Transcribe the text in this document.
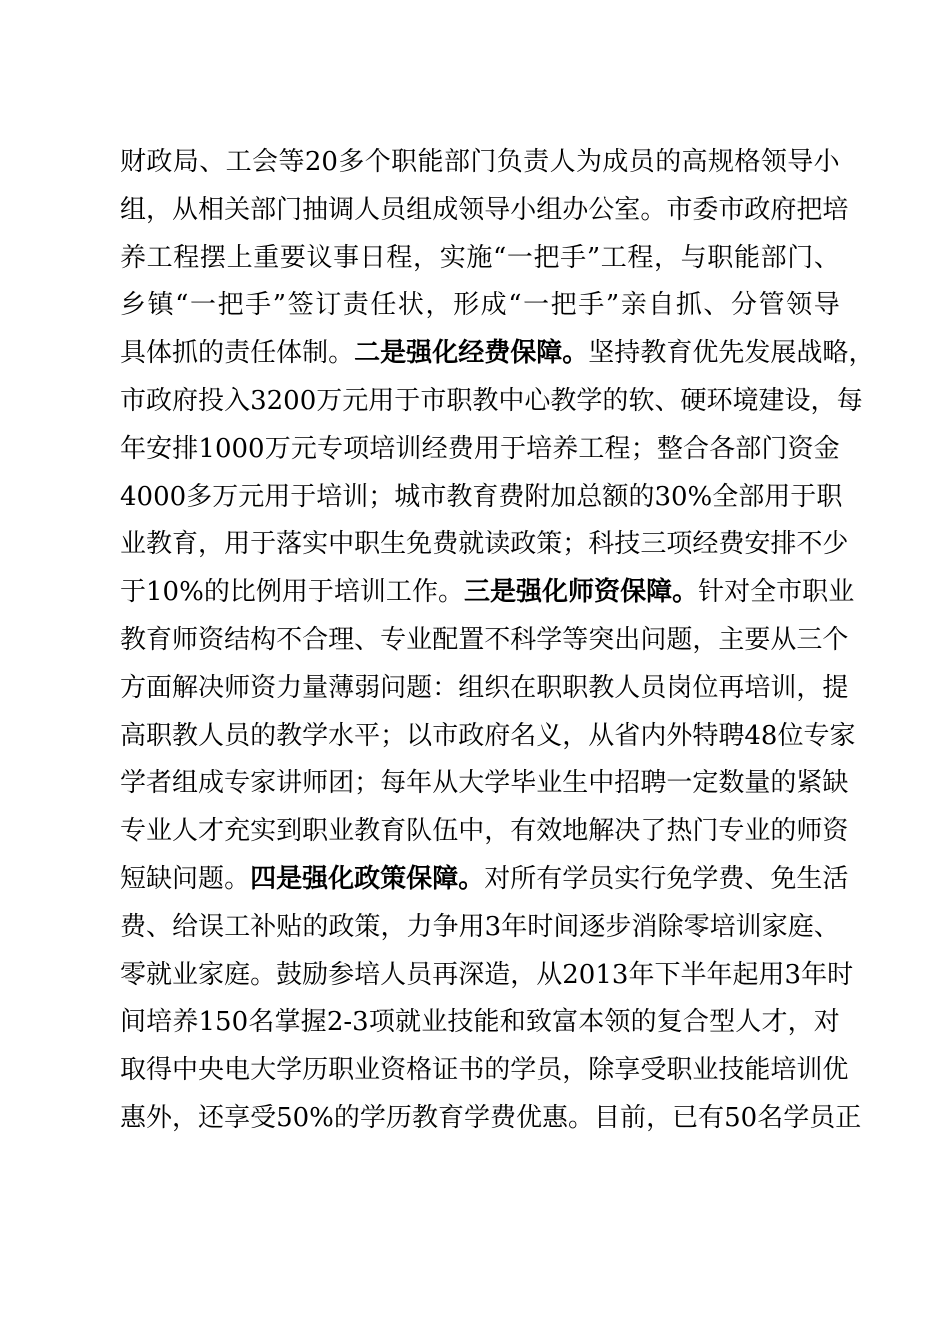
财 政 局 、 工 会 等 20 多 个 职 能 部 门 负 责 人 为 成 员 的 高 规 格 领 导 小
组 ， 从 相 关 部 门 抽 调 人 员 组 成 领 导 小 组 办 公 室 。 市 委 市 政 府 把 培
养 工 程 摆 上 重 要 议 事 日 程 ， 实 施 “ 一 把 手 ” 工 程 ， 与 职 能 部 门 、
乡 镇 “ 一 把 手 ” 签 订 责 任 状 ， 形 成 “ 一 把 手 ” 亲 自 抓 、 分 管 领 导
具 体 抓 的 责 任 体 制 。 二 是 强 化 经 费 保 障 。 坚 持 教 育 优 先 发 展 战 略 ，
市 政 府 投 入 3200 万 元 用 于 市 职 教 中 心 教 学 的 软 、 硬 环 境 建 设 ， 每
年 安 排 1000 万 元 专 项 培 训 经 费 用 于 培 养 工 程 ； 整 合 各 部 门 资 金
4000 多 万 元 用 于 培 训 ； 城 市 教 育 费 附 加 总 额 的 30% 全 部 用 于 职
业 教 育 ， 用 于 落 实 中 职 生 免 费 就 读 政 策 ； 科 技 三 项 经 费 安 排 不 少
于 10% 的 比 例 用 于 培 训 工 作 。 三 是 强 化 师 资 保 障 。 针 对 全 市 职 业
教 育 师 资 结 构 不 合 理 、 专 业 配 置 不 科 学 等 突 出 问 题 ， 主 要 从 三 个
方 面 解 决 师 资 力 量 薄 弱 问 题 ： 组 织 在 职 职 教 人 员 岗 位 再 培 训 ， 提
高 职 教 人 员 的 教 学 水 平 ； 以 市 政 府 名 义 ， 从 省 内 外 特 聘 48 位 专 家
学 者 组 成 专 家 讲 师 团 ； 每 年 从 大 学 毕 业 生 中 招 聘 一 定 数 量 的 紧 缺
专 业 人 才 充 实 到 职 业 教 育 队 伍 中 ， 有 效 地 解 决 了 热 门 专 业 的 师 资
短 缺 问 题 。 四 是 强 化 政 策 保 障 。 对 所 有 学 员 实 行 免 学 费 、 免 生 活
费 、 给 误 工 补 贴 的 政 策 ， 力 争 用 3 年 时 间 逐 步 消 除 零 培 训 家 庭 、
零 就 业 家 庭 。 鼓 励 参 培 人 员 再 深 造 ， 从 2013 年 下 半 年 起 用 3 年 时
间 培 养 150 名 掌 握 2-3 项 就 业 技 能 和 致 富 本 领 的 复 合 型 人 才 ， 对
取 得 中 央 电 大 学 历 职 业 资 格 证 书 的 学 员 ， 除 享 受 职 业 技 能 培 训 优
惠 外 ， 还 享 受 50% 的 学 历 教 育 学 费 优 惠 。 目 前 ， 已 有 50 名 学 员 正
